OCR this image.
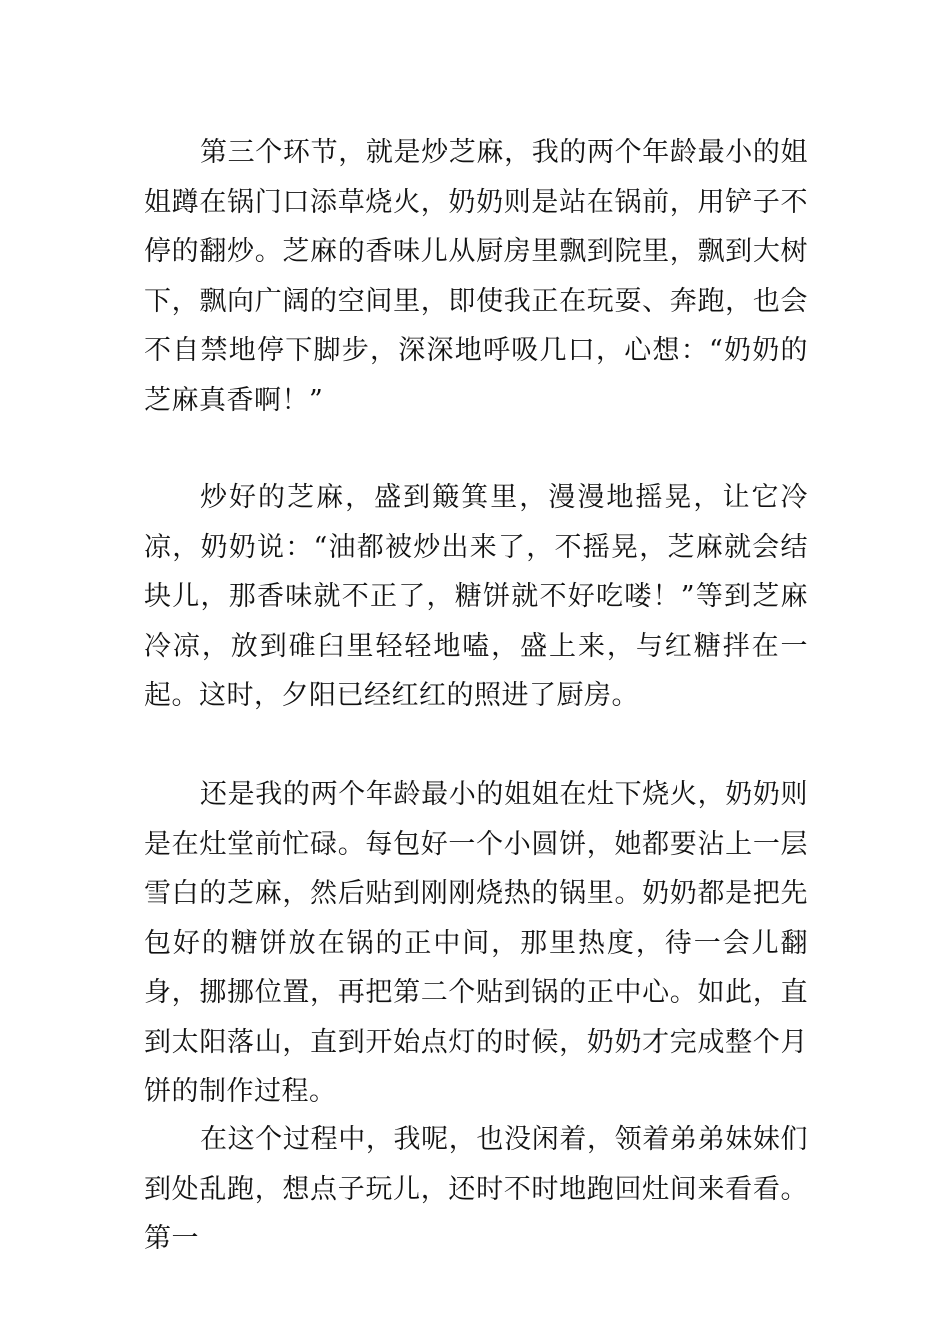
第三个环节，就是炒芝麻，我的两个年龄最小的姐姐蹲在锅门口添草烧火，奶奶则是站在锅前，用铲子不停的翻炒。芝麻的香味儿从厨房里飘到院里，飘到大树下，飘向广阔的空间里，即使我正在玩耍、奔跑，也会不自禁地停下脚步，深深地呼吸几口，心想：“奶奶的芝麻真香啊！”

炒好的芝麻，盛到簸箕里，漫漫地摇晃，让它冷凉，奶奶说：“油都被炒出来了，不摇晃，芝麻就会结块儿，那香味就不正了，糖饼就不好吃喽！”等到芝麻冷凉，放到碓臼里轻轻地嗑，盛上来，与红糖拌在一起。这时，夕阳已经红红的照进了厨房。

还是我的两个年龄最小的姐姐在灶下烧火，奶奶则是在灶堂前忙碌。每包好一个小圆饼，她都要沾上一层雪白的芝麻，然后贴到刚刚烧热的锅里。奶奶都是把先包好的糖饼放在锅的正中间，那里热度，待一会儿翻身，挪挪位置，再把第二个贴到锅的正中心。如此，直到太阳落山，直到开始点灯的时候，奶奶才完成整个月饼的制作过程。

在这个过程中，我呢，也没闲着，领着弟弟妹妹们到处乱跑，想点子玩儿，还时不时地跑回灶间来看看。第一
